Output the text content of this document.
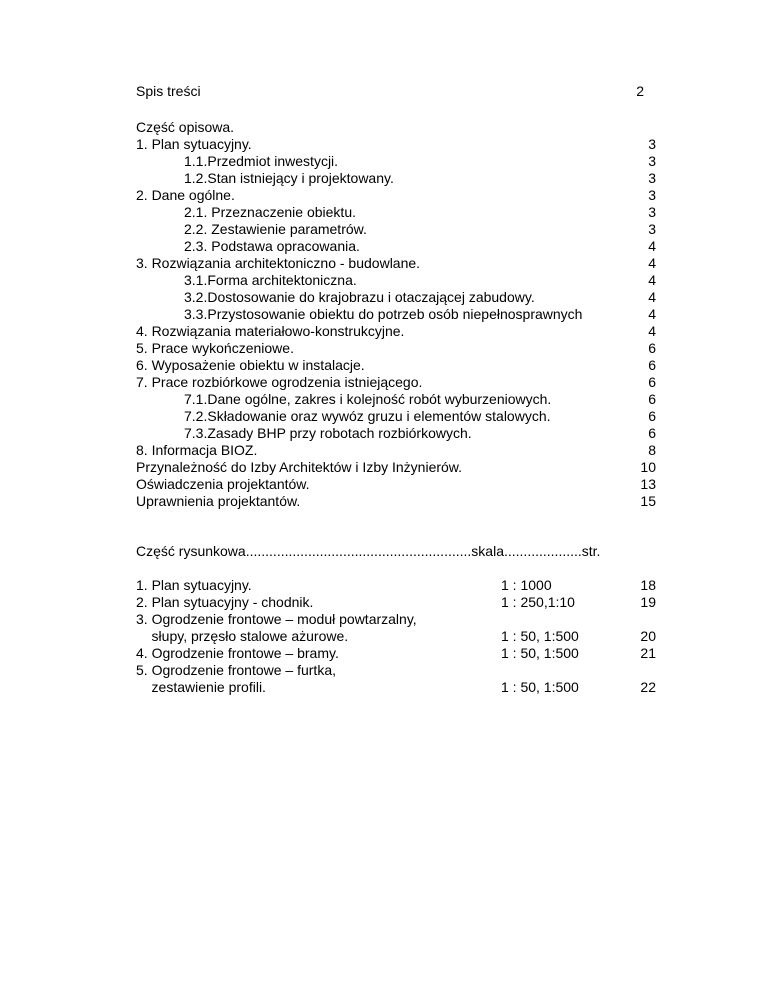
Spis treści	2
Część opisowa.
1. Plan sytuacyjny.	3
1.1.Przedmiot inwestycji.	3
1.2.Stan istniejący i projektowany.	3
2. Dane ogólne.	3
2.1. Przeznaczenie obiektu.	3
2.2. Zestawienie parametrów.	3
2.3. Podstawa opracowania.	4
3. Rozwiązania architektoniczno - budowlane.	4
3.1.Forma architektoniczna.	4
3.2.Dostosowanie do krajobrazu i otaczającej zabudowy.	4
3.3.Przystosowanie obiektu do potrzeb osób niepełnosprawnych	4
4. Rozwiązania materiałowo-konstrukcyjne.	4
5. Prace wykończeniowe.	6
6. Wyposażenie obiektu w instalacje.	6
7. Prace rozbiórkowe ogrodzenia istniejącego.	6
7.1.Dane ogólne, zakres i kolejność robót wyburzeniowych.	6
7.2.Składowanie oraz wywóz gruzu i elementów stalowych.	6
7.3.Zasady BHP przy robotach rozbiórkowych.	6
8. Informacja BIOZ.	8
Przynależność do Izby Architektów i Izby Inżynierów.	10
Oświadczenia projektantów.	13
Uprawnienia projektantów.	15
Część rysunkowa..........................................................skala....................str.
1. Plan sytuacyjny.	1 : 1000	18
2. Plan sytuacyjny - chodnik.	1 : 250,1:10	19
3. Ogrodzenie frontowe – moduł powtarzalny,
słupy, przęsło stalowe ażurowe.	1 : 50, 1:500	20
4. Ogrodzenie frontowe – bramy.	1 : 50, 1:500	21
5. Ogrodzenie frontowe – furtka,
zestawienie profili.	1 : 50, 1:500	22
